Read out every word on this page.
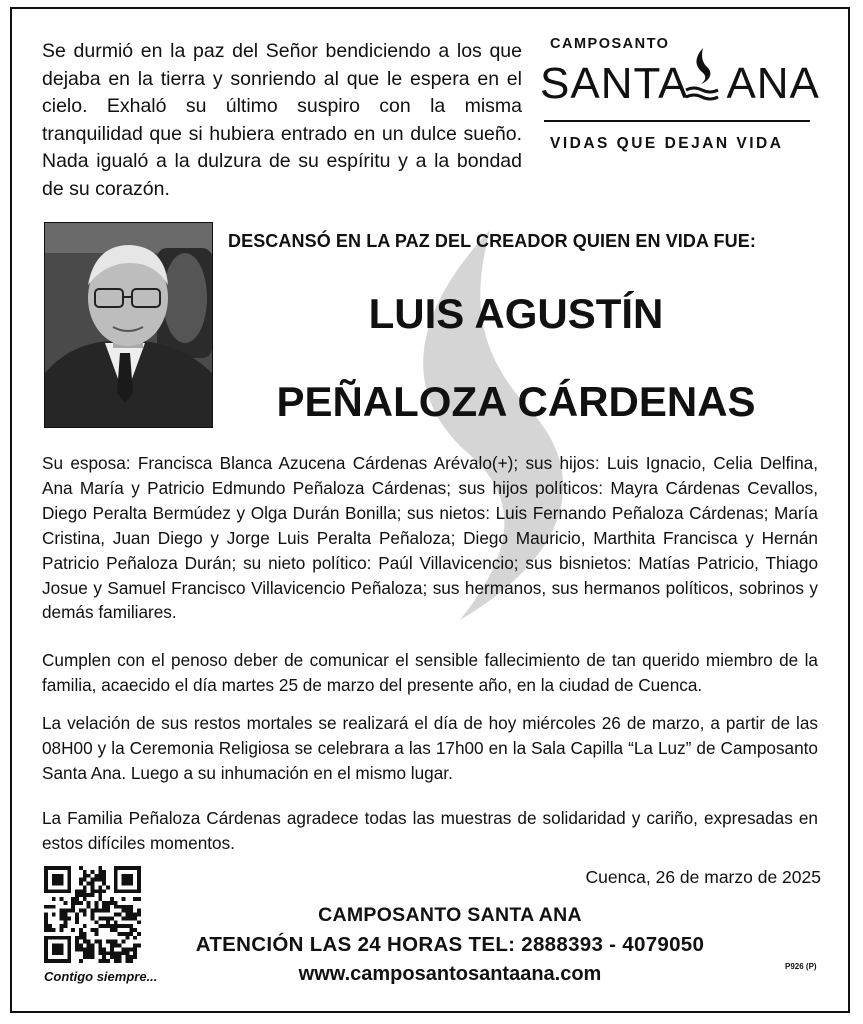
Se durmió en la paz del Señor bendiciendo a los que dejaba en la tierra y sonriendo al que le espera en el cielo. Exhaló su último suspiro con la misma tranquilidad que si hubiera entrado en un dulce sueño. Nada igualó a la dulzura de su espíritu y a la bondad de su corazón.
CAMPOSANTO
SANTA ANA
VIDAS QUE DEJAN VIDA
DESCANSÓ EN LA PAZ DEL CREADOR QUIEN EN VIDA FUE:
LUIS AGUSTÍN
PEÑALOZA CÁRDENAS
Su esposa: Francisca Blanca Azucena Cárdenas Arévalo(+); sus hijos: Luis Ignacio, Celia Delfina, Ana María y Patricio Edmundo Peñaloza Cárdenas; sus hijos políticos: Mayra Cárdenas Cevallos, Diego Peralta Bermúdez y Olga Durán Bonilla; sus nietos: Luis Fernando Peñaloza Cárdenas; María Cristina, Juan Diego y Jorge Luis Peralta Peñaloza; Diego Mauricio, Marthita Francisca y Hernán Patricio Peñaloza Durán; su nieto político: Paúl Villavicencio; sus bisnietos: Matías Patricio, Thiago Josue y Samuel Francisco Villavicencio Peñaloza; sus hermanos, sus hermanos políticos, sobrinos y demás familiares.
Cumplen con el penoso deber de comunicar el sensible fallecimiento de tan querido miembro de la familia, acaecido el día martes 25 de marzo del presente año, en la ciudad de Cuenca.
La velación de sus restos mortales se realizará el día de hoy miércoles 26 de marzo, a partir de las 08H00 y la Ceremonia Religiosa se celebrara a las 17h00 en la Sala Capilla “La Luz” de Camposanto Santa Ana. Luego a su inhumación en el mismo lugar.
La Familia Peñaloza Cárdenas agradece todas las muestras de solidaridad y cariño, expresadas en estos difíciles momentos.
Cuenca, 26 de marzo de 2025
Contigo siempre...
CAMPOSANTO SANTA ANA
ATENCIÓN LAS 24 HORAS TEL: 2888393 - 4079050
www.camposantosantaana.com	P926 (P)
